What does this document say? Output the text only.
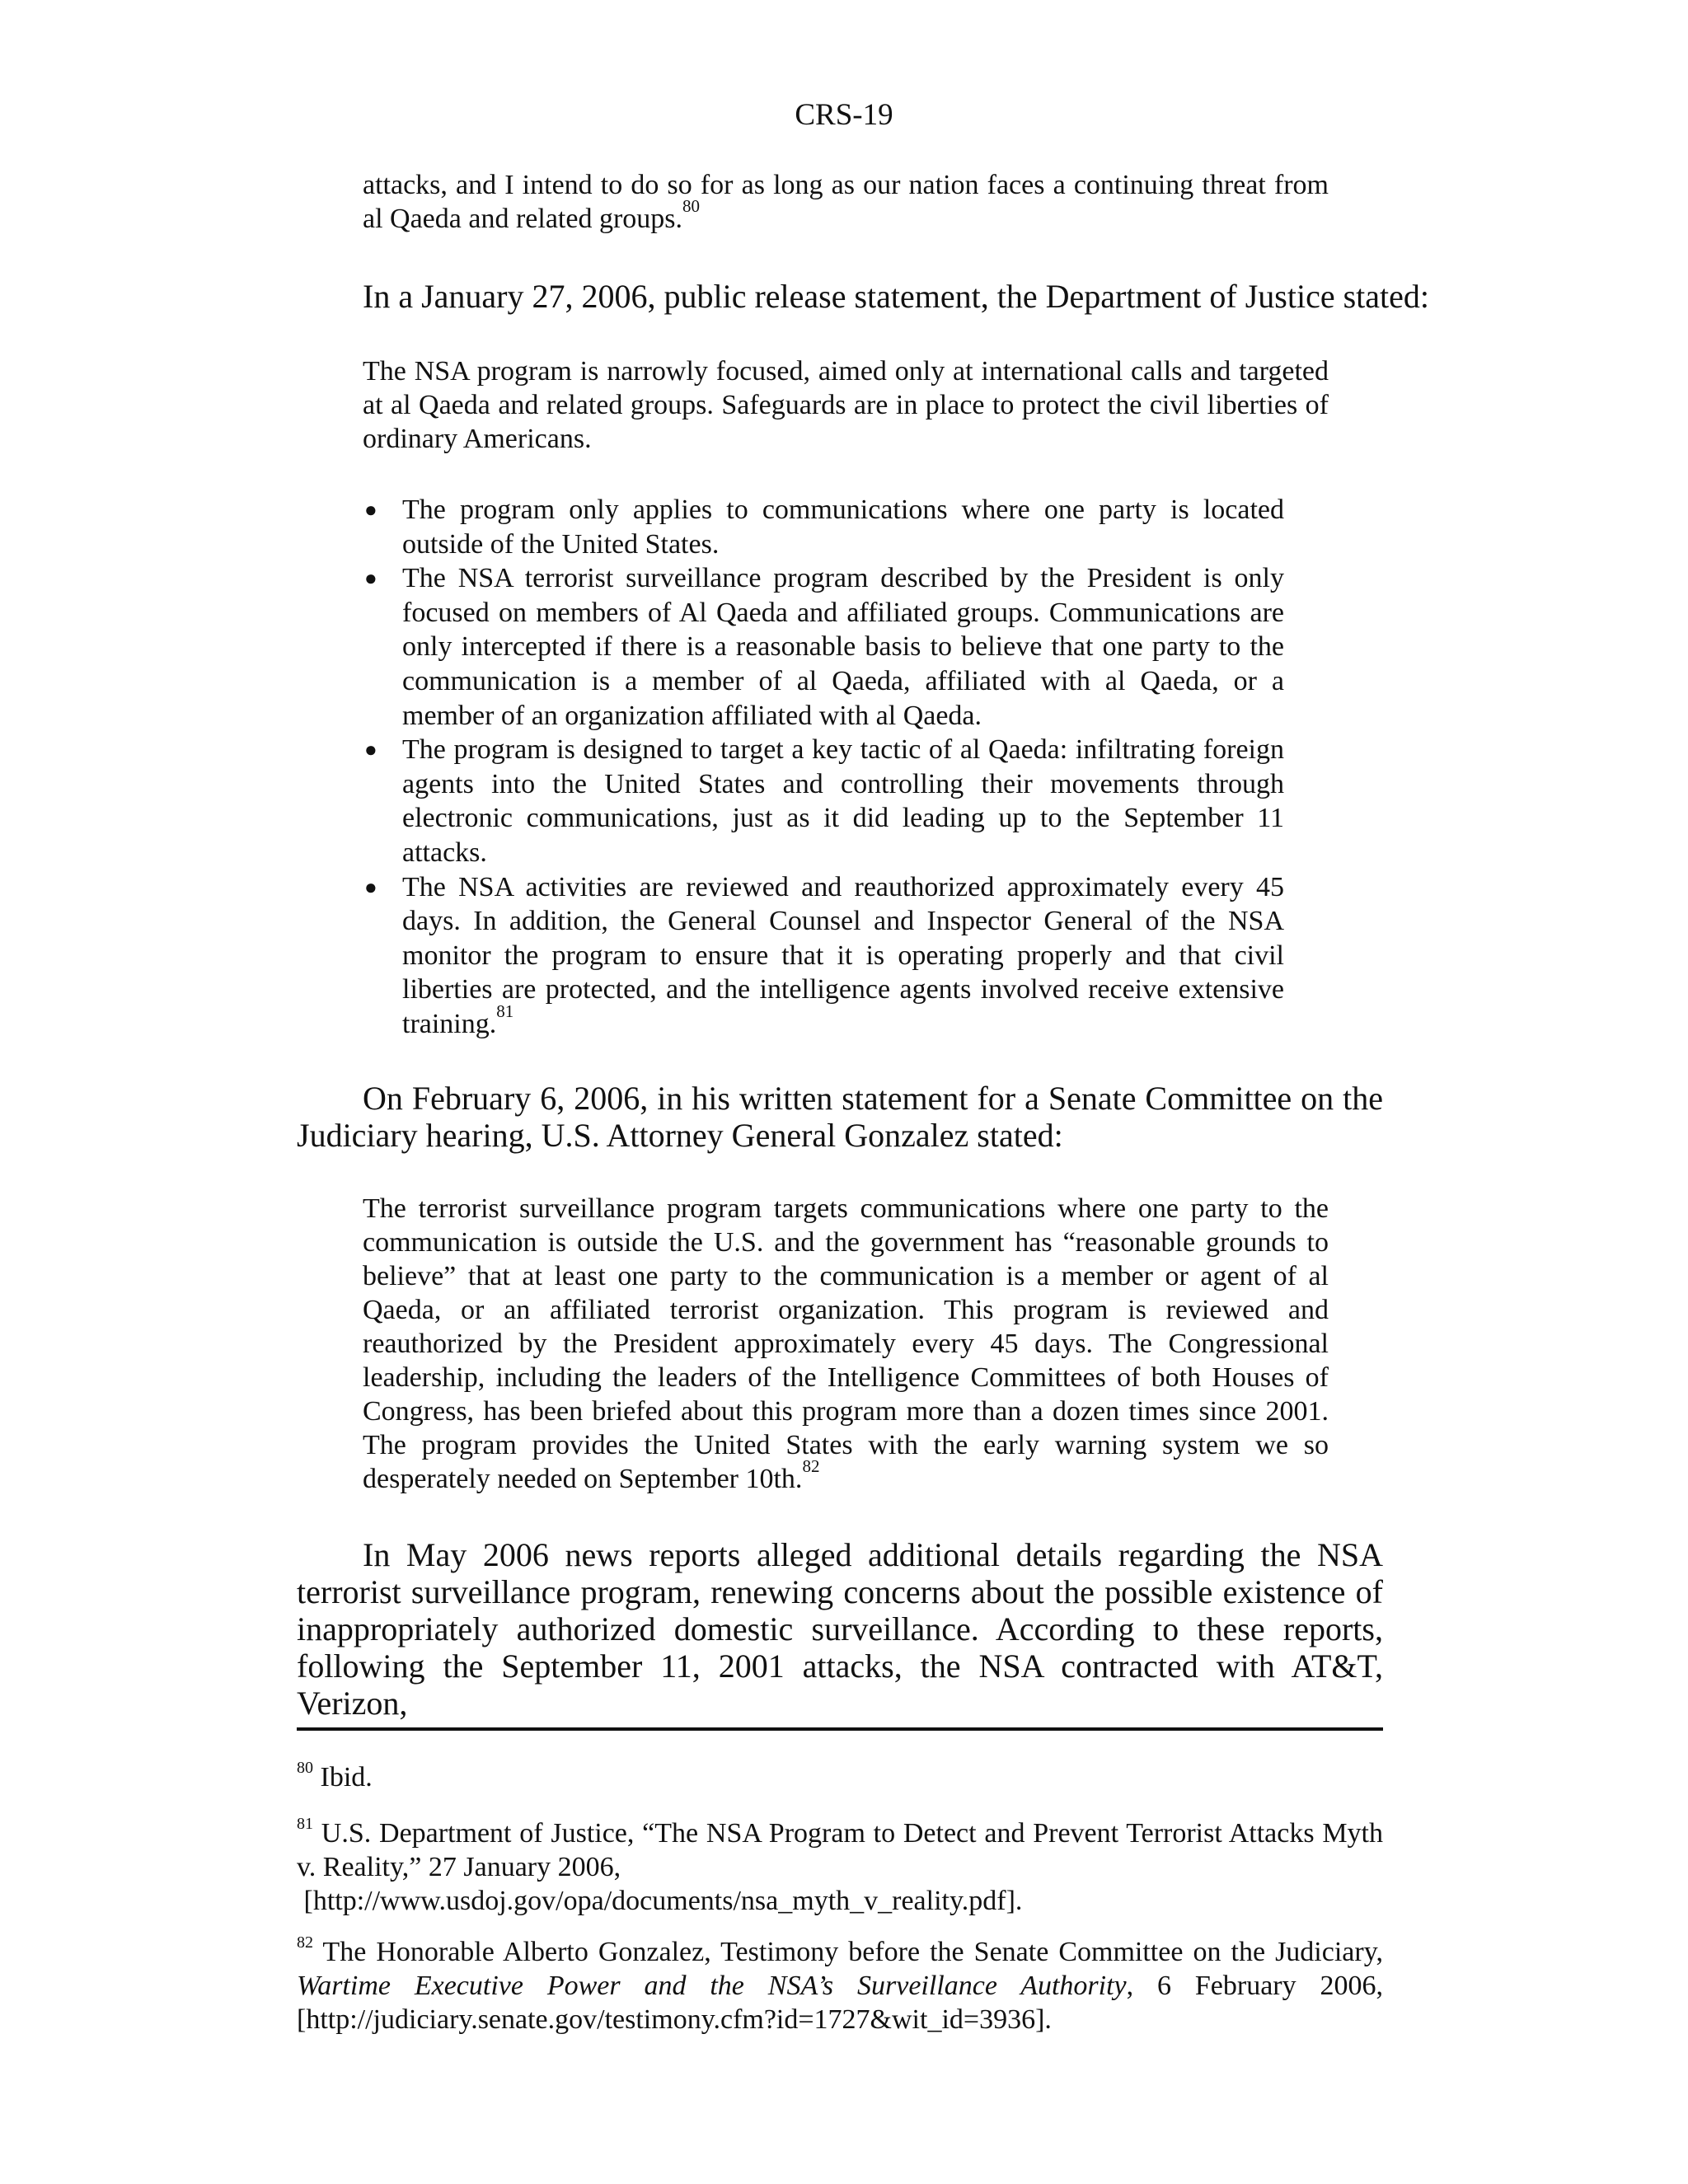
CRS-19

attacks, and I intend to do so for as long as our nation faces a continuing threat from al Qaeda and related groups.$^{80}$

In a January 27, 2006, public release statement, the Department of Justice stated:

The NSA program is narrowly focused, aimed only at international calls and targeted at al Qaeda and related groups. Safeguards are in place to protect the civil liberties of ordinary Americans.

● The program only applies to communications where one party is located outside of the United States.
● The NSA terrorist surveillance program described by the President is only focused on members of Al Qaeda and affiliated groups. Communications are only intercepted if there is a reasonable basis to believe that one party to the communication is a member of al Qaeda, affiliated with al Qaeda, or a member of an organization affiliated with al Qaeda.
● The program is designed to target a key tactic of al Qaeda: infiltrating foreign agents into the United States and controlling their movements through electronic communications, just as it did leading up to the September 11 attacks.
● The NSA activities are reviewed and reauthorized approximately every 45 days. In addition, the General Counsel and Inspector General of the NSA monitor the program to ensure that it is operating properly and that civil liberties are protected, and the intelligence agents involved receive extensive training.$^{81}$

On February 6, 2006, in his written statement for a Senate Committee on the Judiciary hearing, U.S. Attorney General Gonzalez stated:

The terrorist surveillance program targets communications where one party to the communication is outside the U.S. and the government has “reasonable grounds to believe” that at least one party to the communication is a member or agent of al Qaeda, or an affiliated terrorist organization. This program is reviewed and reauthorized by the President approximately every 45 days. The Congressional leadership, including the leaders of the Intelligence Committees of both Houses of Congress, has been briefed about this program more than a dozen times since 2001. The program provides the United States with the early warning system we so desperately needed on September 10th.$^{82}$

In May 2006 news reports alleged additional details regarding the NSA terrorist surveillance program, renewing concerns about the possible existence of inappropriately authorized domestic surveillance. According to these reports, following the September 11, 2001 attacks, the NSA contracted with AT&T, Verizon,

$^{80}$ Ibid.

$^{81}$ U.S. Department of Justice, “The NSA Program to Detect and Prevent Terrorist Attacks Myth v. Reality,” 27 January 2006,
[http://www.usdoj.gov/opa/documents/nsa_myth_v_reality.pdf].

$^{82}$ The Honorable Alberto Gonzalez, Testimony before the Senate Committee on the Judiciary, Wartime Executive Power and the NSA’s Surveillance Authority, 6 February 2006, [http://judiciary.senate.gov/testimony.cfm?id=1727&wit_id=3936].
